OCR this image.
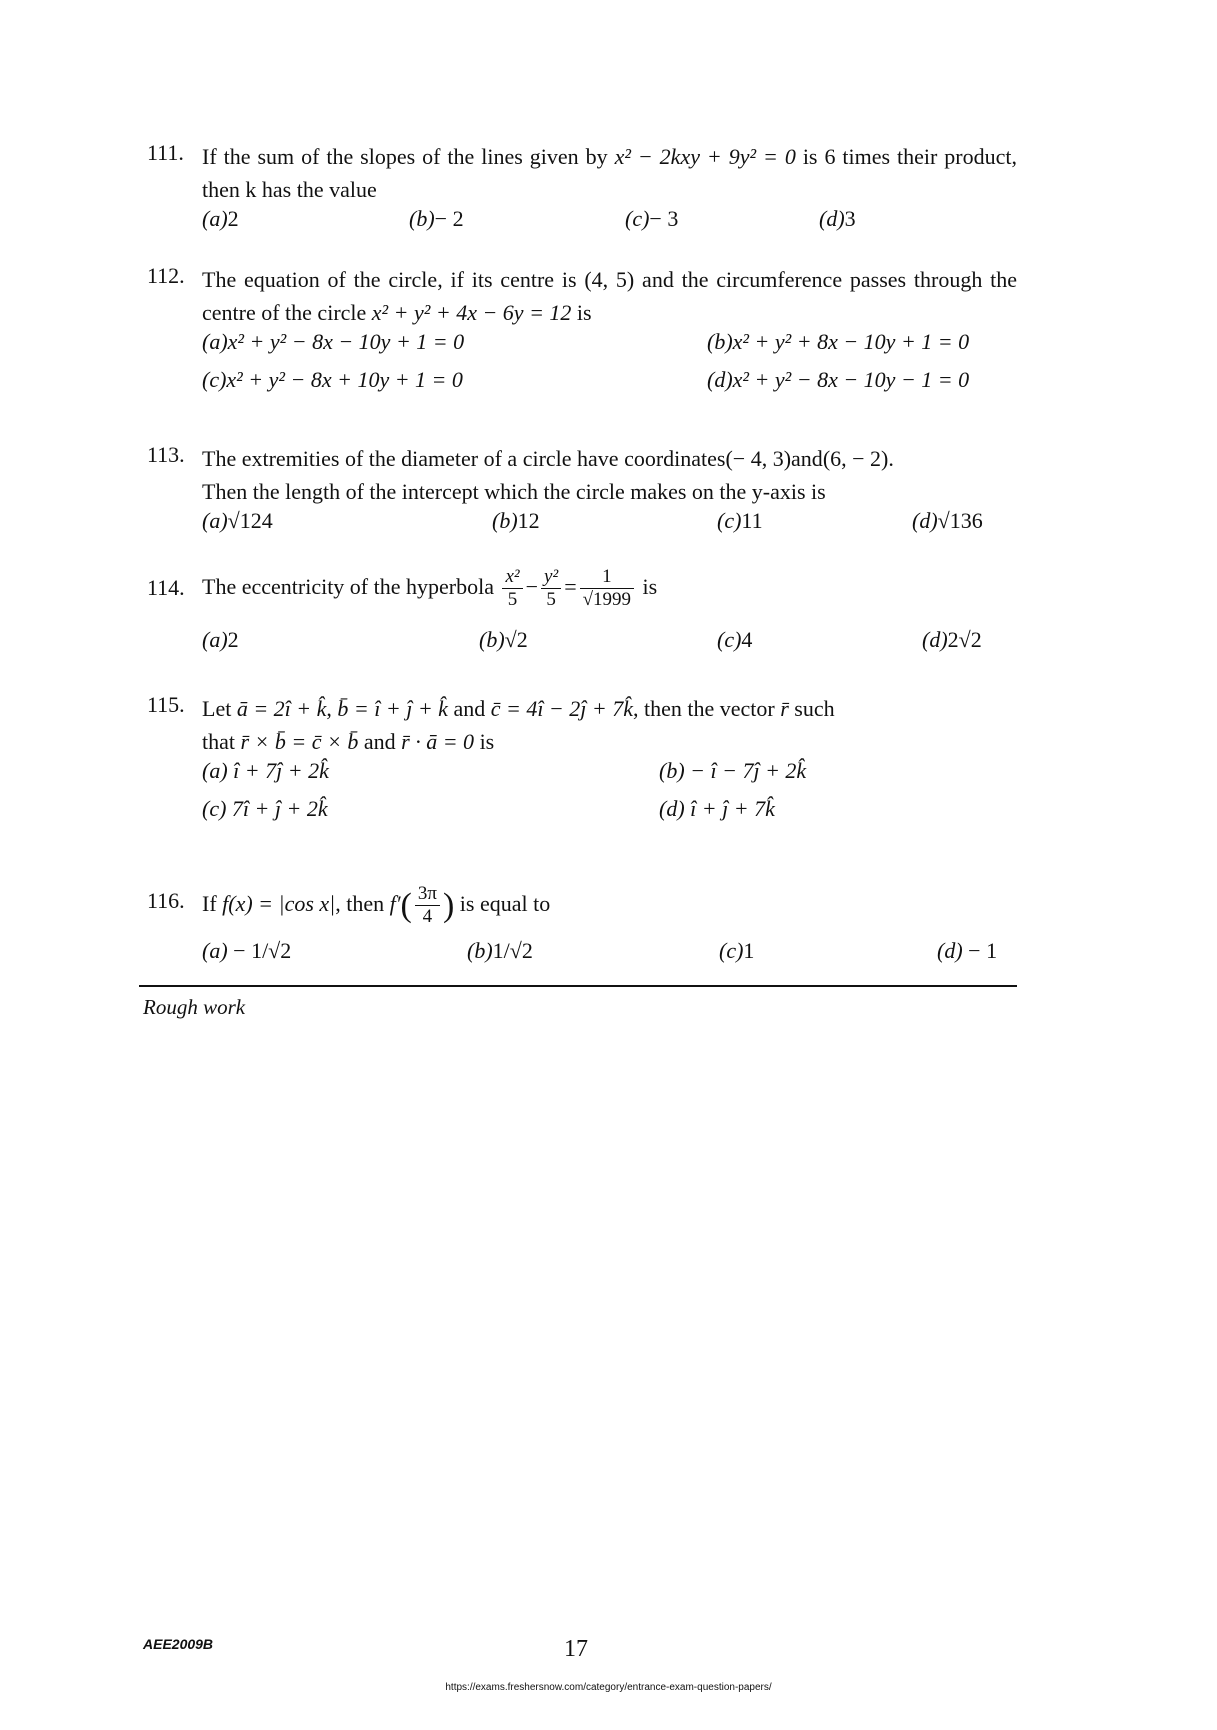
111. If the sum of the slopes of the lines given by x² − 2kxy + 9y² = 0 is 6 times their product, then k has the value
(a)2	(b)− 2	(c)− 3	(d)3
112. The equation of the circle, if its centre is (4, 5) and the circumference passes through the centre of the circle x² + y² + 4x − 6y = 12 is
(a)x² + y² − 8x − 10y + 1 = 0	(b)x² + y² + 8x − 10y + 1 = 0
(c)x² + y² − 8x + 10y + 1 = 0	(d)x² + y² − 8x − 10y − 1 = 0
113. The extremities of the diameter of a circle have coordinates(− 4, 3)and(6, − 2).
Then the length of the intercept which the circle makes on the y-axis is
(a)√124	(b)12	(c)11	(d)√136
114. The eccentricity of the hyperbola $\frac{\text{x²}}{5} - \frac{\text{y²}}{5} = \frac{1}{√1999}$ is
(a)2	(b)√2	(c)4	(d)2√2
115. Let ā = 2î + k̂, b̄ = î + ĵ + k̂ and c̄ = 4î − 2ĵ + 7k̂, then the vector r̄ such
that r̄ × b̄ = c̄ × b̄ and r̄ · ā = 0 is
(a) î + 7ĵ + 2k̂	(b) − î − 7ĵ + 2k̂
(c) 7î + ĵ + 2k̂	(d) î + ĵ + 7k̂
116. If f(x) = |cos x|, then $f'( \frac{3\pi}{4}$ ) is equal to
(a) − 1/√2	(b)1/√2	(c)1	(d) − 1
Rough work
AEE2009B	17
https://exams.freshersnow.com/category/entrance-exam-question-papers/
